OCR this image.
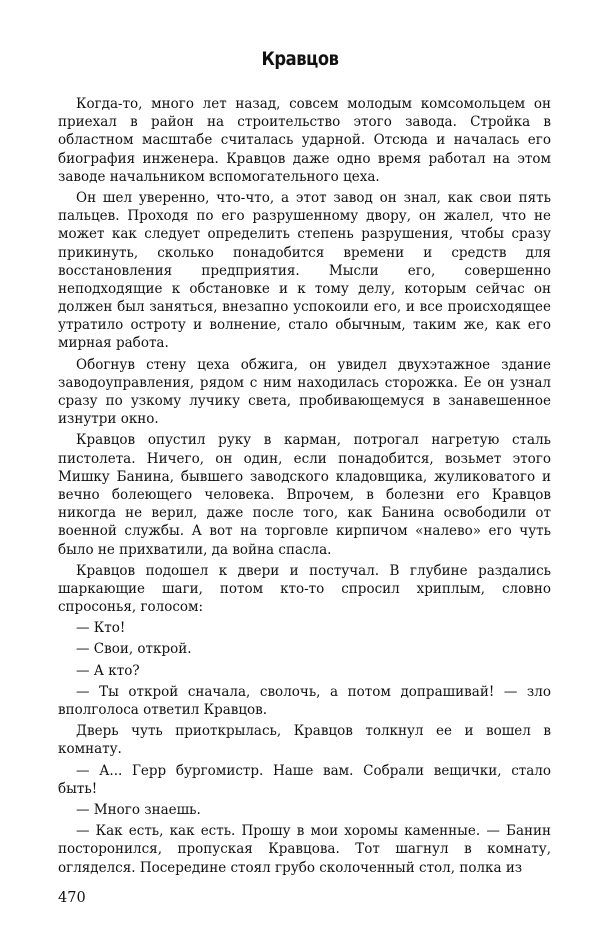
Кравцов

Когда-то, много лет назад, совсем молодым комсомольцем он приехал в район на строительство этого завода. Стройка в областном масштабе считалась ударной. Отсюда и началась его биография инженера. Кравцов даже одно время работал на этом заводе начальником вспомогательного цеха.

Он шел уверенно, что-что, а этот завод он знал, как свои пять пальцев. Проходя по его разрушенному двору, он жалел, что не может как следует определить степень разрушения, чтобы сразу прикинуть, сколько понадобится времени и средств для восстановления предприятия. Мысли его, совершенно неподходящие к обстановке и к тому делу, которым сейчас он должен был заняться, внезапно успокоили его, и все происходящее утратило остроту и волнение, стало обычным, таким же, как его мирная работа.

Обогнув стену цеха обжига, он увидел двухэтажное здание заводоуправления, рядом с ним находилась сторожка. Ее он узнал сразу по узкому лучику света, пробивающемуся в занавешенное изнутри окно.

Кравцов опустил руку в карман, потрогал нагретую сталь пистолета. Ничего, он один, если понадобится, возьмет этого Мишку Банина, бывшего заводского кладовщика, жуликоватого и вечно болеющего человека. Впрочем, в болезни его Кравцов никогда не верил, даже после того, как Банина освободили от военной службы. А вот на торговле кирпичом «налево» его чуть было не прихватили, да война спасла.

Кравцов подошел к двери и постучал. В глубине раздались шаркающие шаги, потом кто-то спросил хриплым, словно спросонья, голосом:

— Кто!

— Свои, открой.

— А кто?

— Ты открой сначала, сволочь, а потом допрашивай! — зло вполголоса ответил Кравцов.

Дверь чуть приоткрылась, Кравцов толкнул ее и вошел в комнату.

— А... Герр бургомистр. Наше вам. Собрали вещички, стало быть!

— Много знаешь.

— Как есть, как есть. Прошу в мои хоромы каменные. — Банин посторонился, пропуская Кравцова. Тот шагнул в комнату, огляделся. Посередине стоял грубо сколоченный стол, полка из

470
